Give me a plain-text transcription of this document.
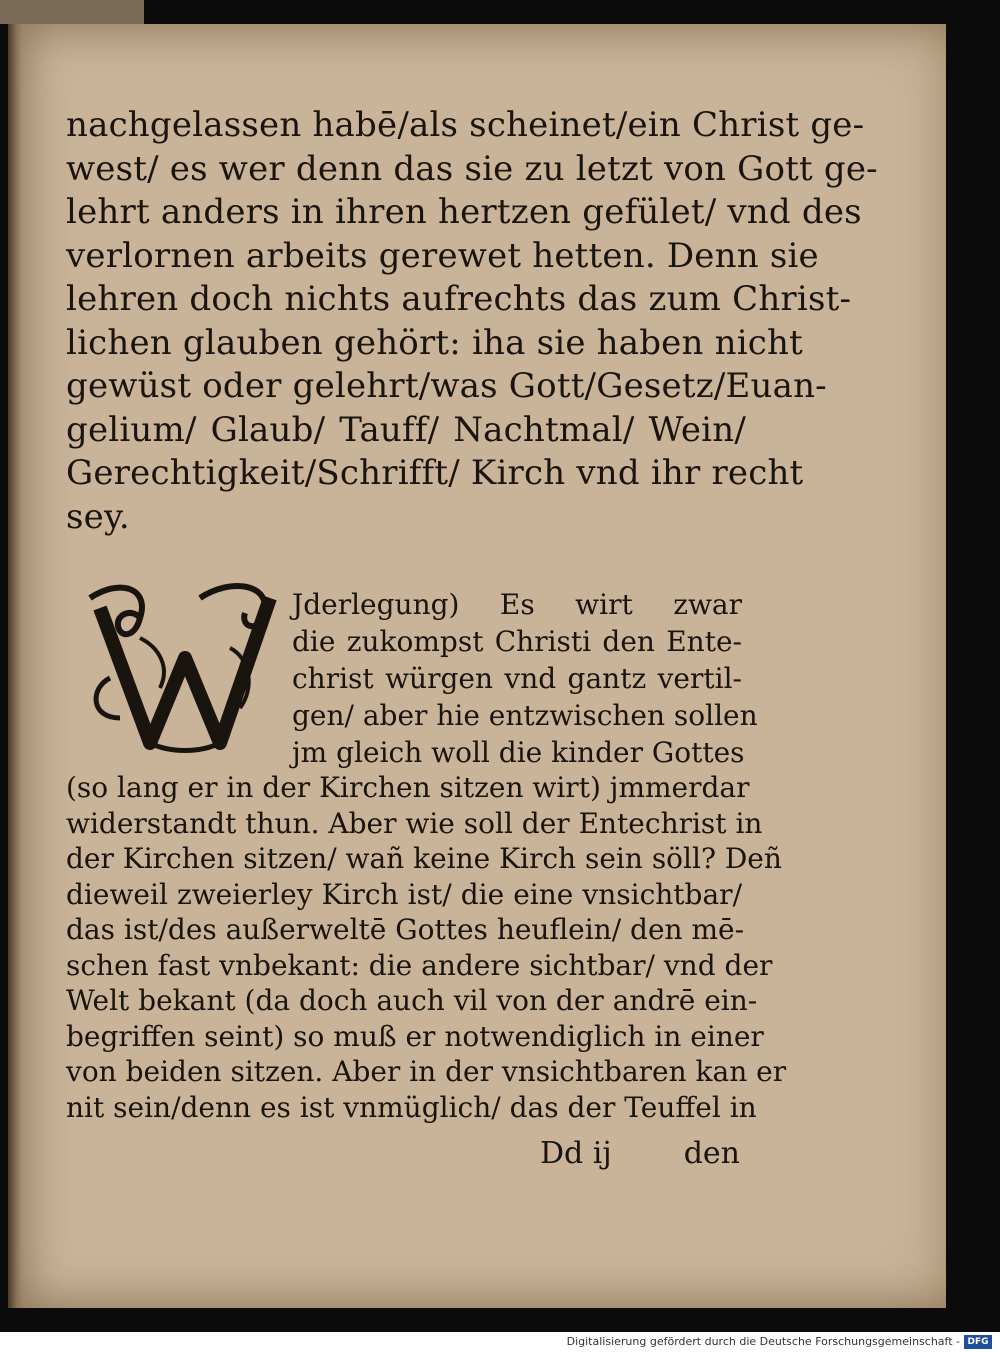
nachgelassen habē/als scheinet/ein Christ ge-
west/ es wer denn das sie zu letzt von Gott ge-
lehrt anders in ihren hertzen gefület/ vnd des
verlornen arbeits gerewet hetten. Denn sie
lehren doch nichts aufrechts das zum Christ-
lichen glauben gehört: iha sie haben nicht
gewüst oder gelehrt/was Gott/Gesetz/Euan-
gelium/ Glaub/ Tauff/ Nachtmal/ Wein/
Gerechtigkeit/Schrifft/ Kirch vnd ihr recht
sey.
Jderlegung) Es wirt zwar
die zukompst Christi den Ente-
christ würgen vnd gantz vertil-
gen/ aber hie entzwischen sollen
jm gleich woll die kinder Gottes
(so lang er in der Kirchen sitzen wirt) jmmerdar
widerstandt thun. Aber wie soll der Entechrist in
der Kirchen sitzen/ wañ keine Kirch sein söll? Deñ
dieweil zweierley Kirch ist/ die eine vnsichtbar/
das ist/des außerweltē Gottes heuflein/ den mē-
schen fast vnbekant: die andere sichtbar/ vnd der
Welt bekant (da doch auch vil von der andrē ein-
begriffen seint) so muß er notwendiglich in einer
von beiden sitzen. Aber in der vnsichtbaren kan er
nit sein/denn es ist vnmüglich/ das der Teuffel in
Dd ij den
Digitalisierung gefördert durch die Deutsche Forschungsgemeinschaft - DFG
